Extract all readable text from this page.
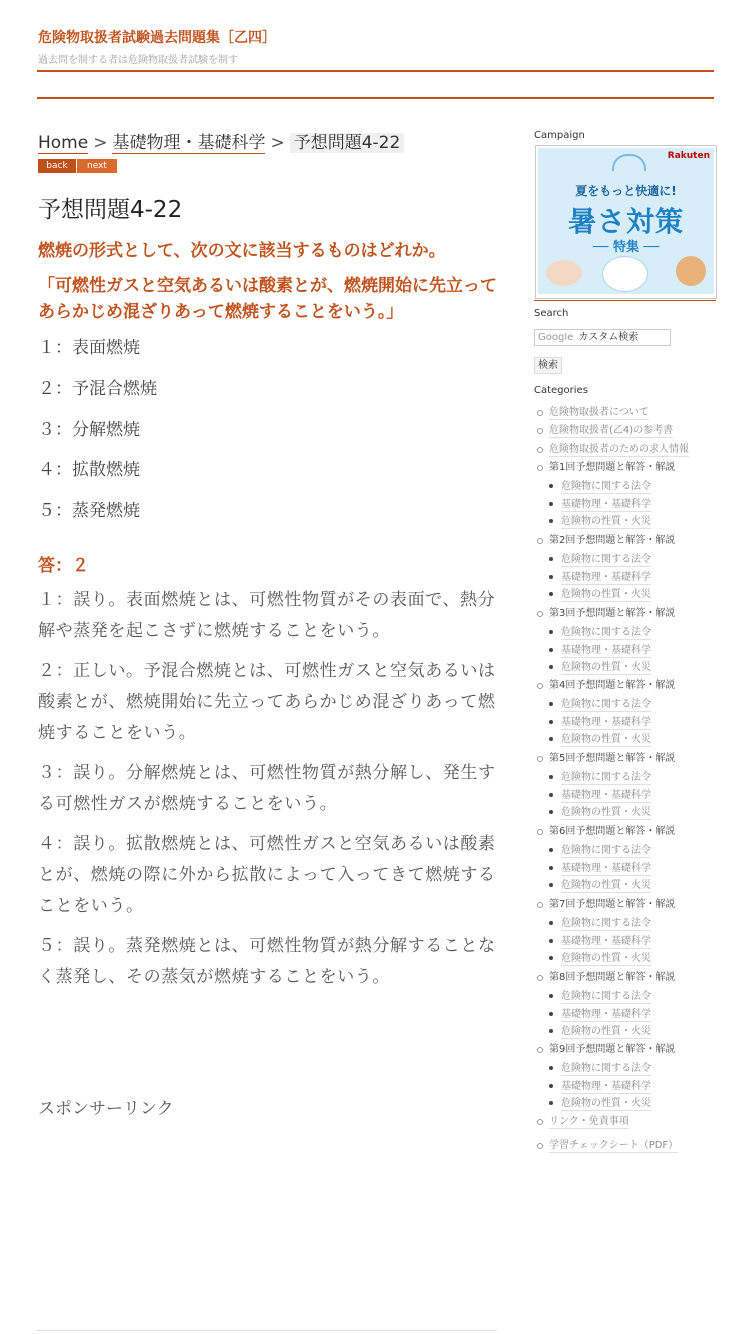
危険物取扱者試験過去問題集［乙四］
過去問を制する者は危険物取扱者試験を制す
Home > 基礎物理・基礎科学 > 予想問題4-22
back	next
予想問題4-22
燃焼の形式として、次の文に該当するものはどれか。
「可燃性ガスと空気あるいは酸素とが、燃焼開始に先立ってあらかじめ混ざりあって燃焼することをいう。」
１：表面燃焼
２：予混合燃焼
３：分解燃焼
４：拡散燃焼
５：蒸発燃焼
答：２
１：誤り。表面燃焼とは、可燃性物質がその表面で、熱分解や蒸発を起こさずに燃焼することをいう。
２：正しい。予混合燃焼とは、可燃性ガスと空気あるいは酸素とが、燃焼開始に先立ってあらかじめ混ざりあって燃焼することをいう。
３：誤り。分解燃焼とは、可燃性物質が熱分解し、発生する可燃性ガスが燃焼することをいう。
４：誤り。拡散燃焼とは、可燃性ガスと空気あるいは酸素とが、燃焼の際に外から拡散によって入ってきて燃焼することをいう。
５：誤り。蒸発燃焼とは、可燃性物質が熱分解することなく蒸発し、その蒸気が燃焼することをいう。
スポンサーリンク
Campaign
Rakuten
夏をもっと快適に!
暑さ対策
── 特集 ──
Search
Google カスタム検索
検索
Categories
危険物取扱者について
危険物取扱者(乙4)の参考書
危険物取扱者のための求人情報
第1回予想問題と解答・解説
危険物に関する法令
基礎物理・基礎科学
危険物の性質・火災
第2回予想問題と解答・解説
危険物に関する法令
基礎物理・基礎科学
危険物の性質・火災
第3回予想問題と解答・解説
危険物に関する法令
基礎物理・基礎科学
危険物の性質・火災
第4回予想問題と解答・解説
危険物に関する法令
基礎物理・基礎科学
危険物の性質・火災
第5回予想問題と解答・解説
危険物に関する法令
基礎物理・基礎科学
危険物の性質・火災
第6回予想問題と解答・解説
危険物に関する法令
基礎物理・基礎科学
危険物の性質・火災
第7回予想問題と解答・解説
危険物に関する法令
基礎物理・基礎科学
危険物の性質・火災
第8回予想問題と解答・解説
危険物に関する法令
基礎物理・基礎科学
危険物の性質・火災
第9回予想問題と解答・解説
危険物に関する法令
基礎物理・基礎科学
危険物の性質・火災
リンク・免責事項
学習チェックシート（PDF）
